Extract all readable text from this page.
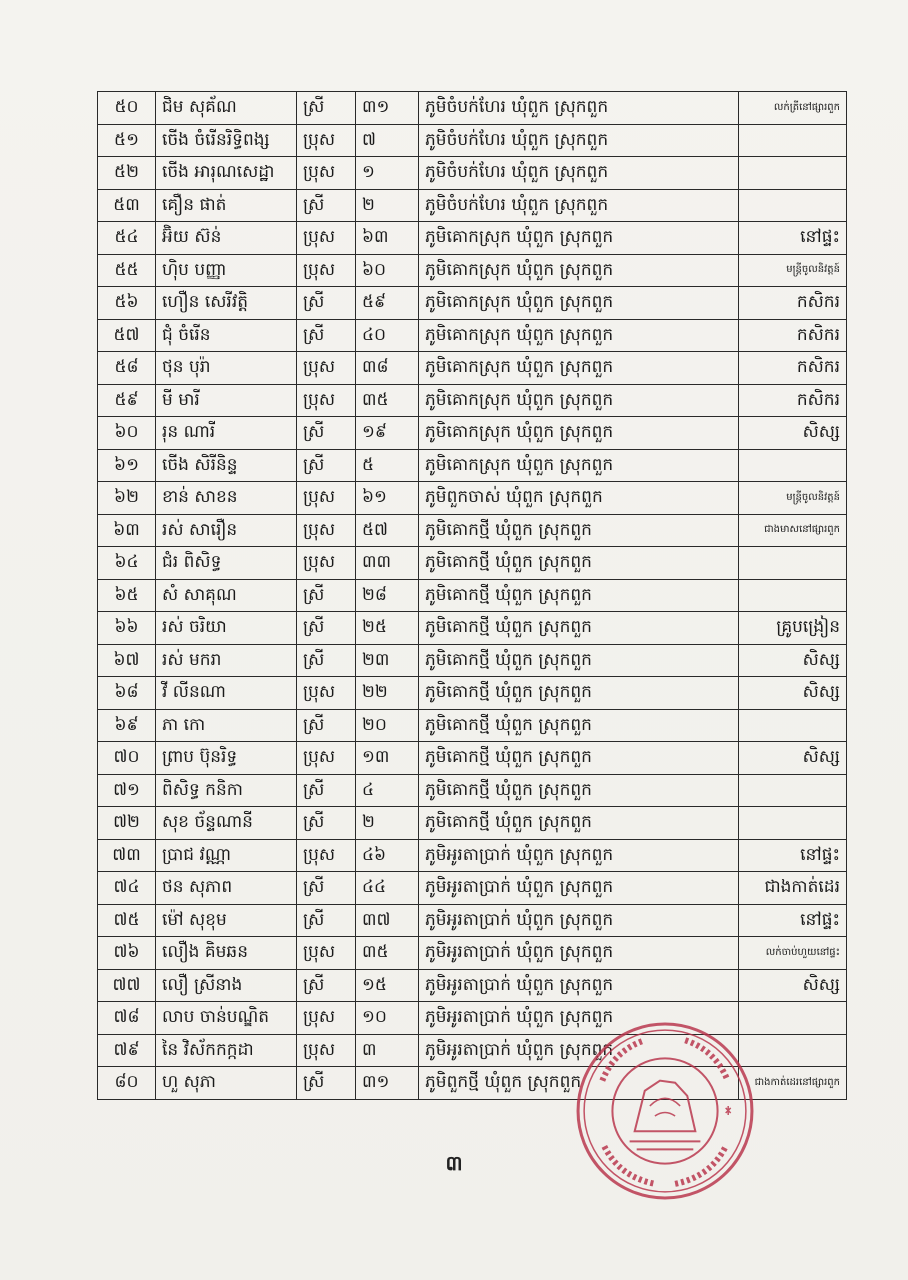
៥០	ជិម សុគ័ណ	ស្រី	៣១	ភូមិចំបក់ហែរ ឃុំពួក ស្រុកពួក	លក់ត្រីនៅផ្សារពួក
៥១	ចើង ចំរើនរិទ្ធិពង្ស	ប្រុស	៧	ភូមិចំបក់ហែរ ឃុំពួក ស្រុកពួក	
៥២	ចើង អារុណសេដ្ឋា	ប្រុស	១	ភូមិចំបក់ហែរ ឃុំពួក ស្រុកពួក	
៥៣	គឿន ផាត់	ស្រី	២	ភូមិចំបក់ហែរ ឃុំពួក ស្រុកពួក	
៥៤	អ៊ិយ ស៊ន់	ប្រុស	៦៣	ភូមិគោកស្រុក ឃុំពួក ស្រុកពួក	នៅផ្ទះ
៥៥	ហ៊ិប បញ្ញា	ប្រុស	៦០	ភូមិគោកស្រុក ឃុំពួក ស្រុកពួក	មន្ត្រីចូលនិវត្តន៍
៥៦	ហឿន សេរីវត្តិ	ស្រី	៥៩	ភូមិគោកស្រុក ឃុំពួក ស្រុកពួក	កសិករ
៥៧	ជុំ ចំរើន	ស្រី	៤០	ភូមិគោកស្រុក ឃុំពួក ស្រុកពួក	កសិករ
៥៨	ថុន បុរ៉ា	ប្រុស	៣៨	ភូមិគោកស្រុក ឃុំពួក ស្រុកពួក	កសិករ
៥៩	មី មារី	ប្រុស	៣៥	ភូមិគោកស្រុក ឃុំពួក ស្រុកពួក	កសិករ
៦០	រុន ណារី	ស្រី	១៩	ភូមិគោកស្រុក ឃុំពួក ស្រុកពួក	សិស្ស
៦១	ចើង សិរីនិន្ទ	ស្រី	៥	ភូមិគោកស្រុក ឃុំពួក ស្រុកពួក	
៦២	ខាន់ សាខន	ប្រុស	៦១	ភូមិពួកចាស់ ឃុំពួក ស្រុកពួក	មន្ត្រីចូលនិវត្តន៍
៦៣	រស់ សារឿន	ប្រុស	៥៧	ភូមិគោកថ្មី ឃុំពួក ស្រុកពួក	ជាងមាសនៅផ្សារពួក
៦៤	ជំរ ពិសិទ្ធ	ប្រុស	៣៣	ភូមិគោកថ្មី ឃុំពួក ស្រុកពួក	
៦៥	សំ សាគុណ	ស្រី	២៨	ភូមិគោកថ្មី ឃុំពួក ស្រុកពួក	
៦៦	រស់ ចរិយា	ស្រី	២៥	ភូមិគោកថ្មី ឃុំពួក ស្រុកពួក	គ្រូបង្រៀន
៦៧	រស់ មករា	ស្រី	២៣	ភូមិគោកថ្មី ឃុំពួក ស្រុកពួក	សិស្ស
៦៨	វី លីនណា	ប្រុស	២២	ភូមិគោកថ្មី ឃុំពួក ស្រុកពួក	សិស្ស
៦៩	ភា កោ	ស្រី	២០	ភូមិគោកថ្មី ឃុំពួក ស្រុកពួក	
៧០	ព្រាប ប៊ុនរិទ្ធ	ប្រុស	១៣	ភូមិគោកថ្មី ឃុំពួក ស្រុកពួក	សិស្ស
៧១	ពិសិទ្ធ កនិកា	ស្រី	៤	ភូមិគោកថ្មី ឃុំពួក ស្រុកពួក	
៧២	សុខ ច័ន្ទណានី	ស្រី	២	ភូមិគោកថ្មី ឃុំពួក ស្រុកពួក	
៧៣	ប្រាជ វណ្ណា	ប្រុស	៤៦	ភូមិអូរតាប្រាក់ ឃុំពួក ស្រុកពួក	នៅផ្ទះ
៧៤	ថន សុភាព	ស្រី	៤៤	ភូមិអូរតាប្រាក់ ឃុំពួក ស្រុកពួក	ជាងកាត់ដេរ
៧៥	ម៉ៅ សុខុម	ស្រី	៣៧	ភូមិអូរតាប្រាក់ ឃុំពួក ស្រុកពួក	នៅផ្ទះ
៧៦	លឿង គិមឆន	ប្រុស	៣៥	ភូមិអូរតាប្រាក់ ឃុំពួក ស្រុកពួក	លក់ចាប់ហួយនៅផ្ទះ
៧៧	លឿ ស្រីនាង	ស្រី	១៥	ភូមិអូរតាប្រាក់ ឃុំពួក ស្រុកពួក	សិស្ស
៧៨	លាប ចាន់បណ្ឌិត	ប្រុស	១០	ភូមិអូរតាប្រាក់ ឃុំពួក ស្រុកពួក	
៧៩	នៃ វិស័កកក្កដា	ប្រុស	៣	ភូមិអូរតាប្រាក់ ឃុំពួក ស្រុកពួក	
៨០	ហួ សុភា	ស្រី	៣១	ភូមិពួកថ្មី ឃុំពួក ស្រុកពួក	ជាងកាត់ដេរនៅផ្សារពួក
៣
